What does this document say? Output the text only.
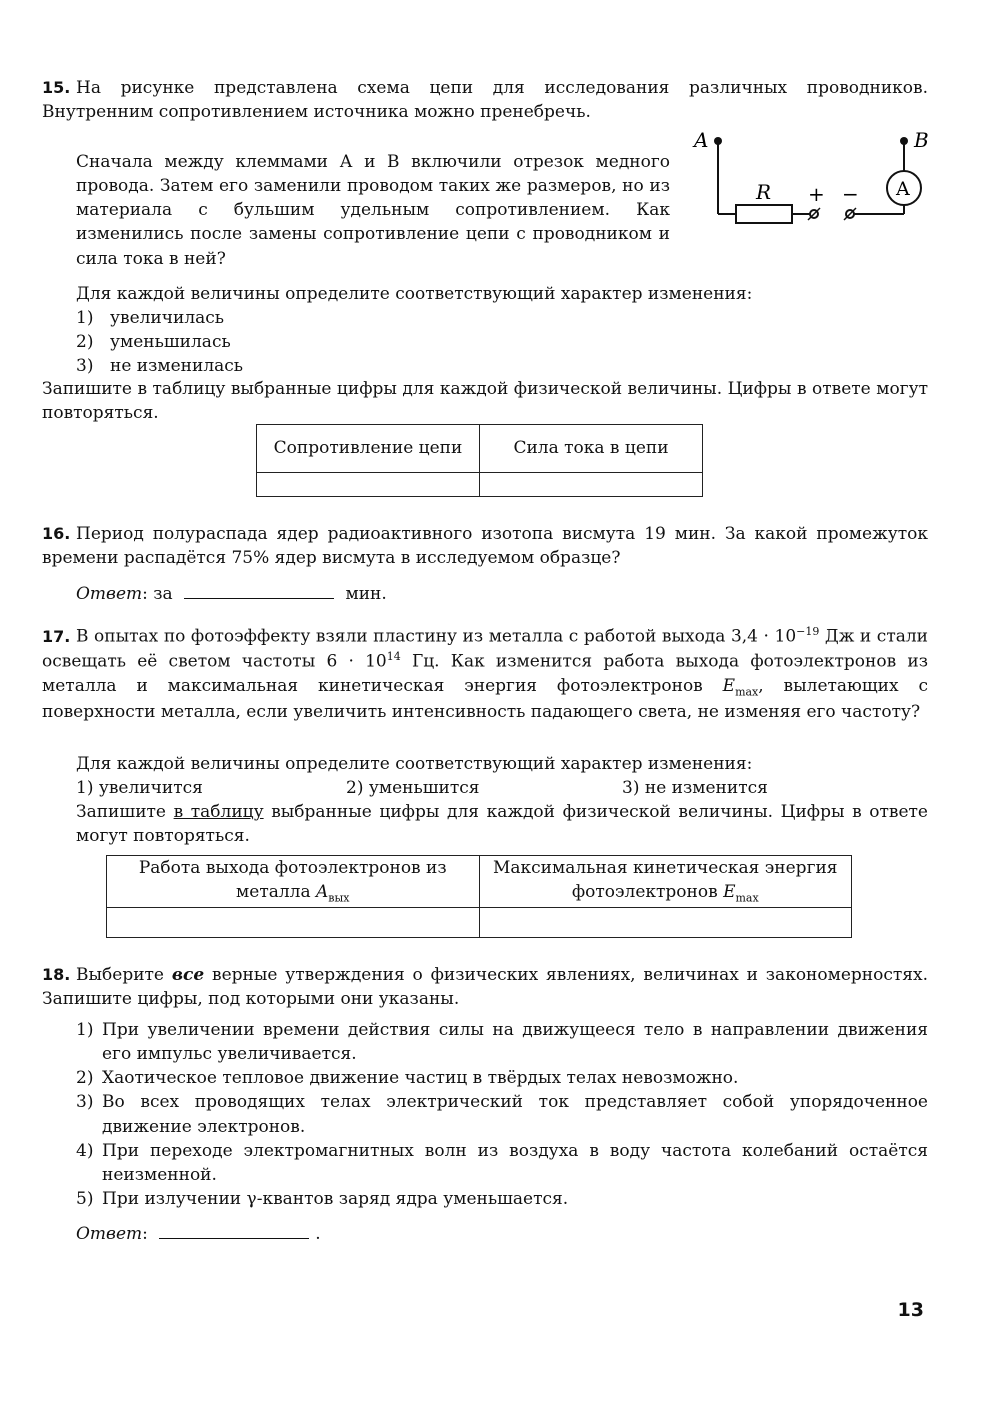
15. На рисунке представлена схема цепи для исследования различных проводников. Внутренним сопротивлением источника можно пренебречь.

Сначала между клеммами А и В включили отрезок медного провода. Затем его заменили проводом таких же размеров, но из материала с бульшим удельным сопротивлением. Как изменились после замены сопротивление цепи с проводником и сила тока в ней?

A
R + − A
B

Для каждой величины определите соответствующий характер изменения:

1) увеличилась
2) уменьшилась
3) не изменилась

Запишите в таблицу выбранные цифры для каждой физической величины. Цифры в ответе могут повторяться.

Сопротивление цепи	Сила тока в цепи

16. Период полураспада ядер радиоактивного изотопа висмута 19 мин. За какой промежуток времени распадётся 75% ядер висмута в исследуемом образце?

Ответ: за	мин.

17. В опытах по фотоэффекту взяли пластину из металла с работой выхода $3,4 \cdot 10^{-19}$ Дж и стали освещать её светом частоты $6 \cdot 10^{14}$ Гц. Как изменится работа выхода фотоэлектронов из металла и максимальная кинетическая энергия фотоэлектронов $E_{max}$, вылетающих с поверхности металла, если увеличить интенсивность падающего света, не изменяя его частоту?

Для каждой величины определите соответствующий характер изменения:

1) увеличится	2) уменьшится	3) не изменится

Запишите в таблицу выбранные цифры для каждой физической величины. Цифры в ответе могут повторяться.

Работа выхода фотоэлектронов из металла $A_{вых}$	Максимальная кинетическая энергия фотоэлектронов $E_{max}$

18. Выберите все верные утверждения о физических явлениях, величинах и закономерностях. Запишите цифры, под которыми они указаны.

1) При увеличении времени действия силы на движущееся тело в направлении движения его импульс увеличивается.

2) Хаотическое тепловое движение частиц в твёрдых телах невозможно.

3) Во всех проводящих телах электрический ток представляет собой упорядоченное движение электронов.

4) При переходе электромагнитных волн из воздуха в воду частота колебаний остаётся неизменной.

5) При излучении γ-квантов заряд ядра уменьшается.

Ответ:	.
13
